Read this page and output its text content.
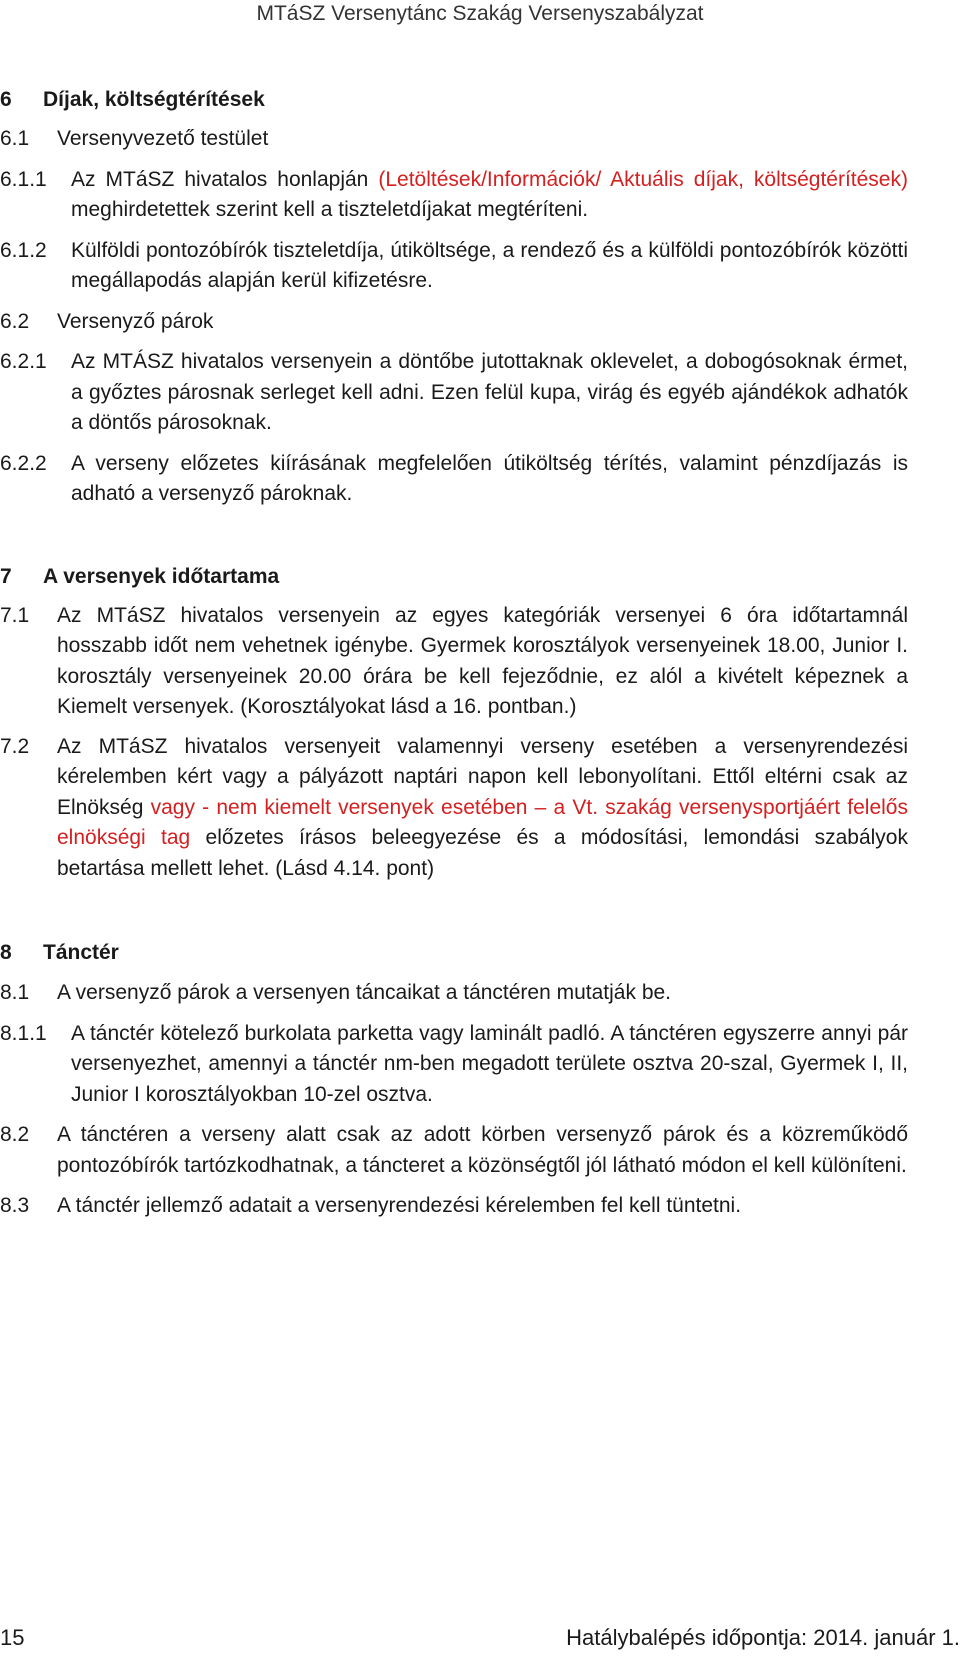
MTáSZ Versenytánc Szakág Versenyszabályzat
6 Díjak, költségtérítések
6.1	Versenyvezető testület
6.1.1	Az MTáSZ hivatalos honlapján (Letöltések/Információk/ Aktuális díjak, költségtérítések) meghirdetettek szerint kell a tiszteletdíjakat megtéríteni.
6.1.2	Külföldi pontozóbírók tiszteletdíja, útiköltsége, a rendező és a külföldi pontozóbírók közötti megállapodás alapján kerül kifizetésre.
6.2	Versenyző párok
6.2.1	Az MTÁSZ hivatalos versenyein a döntőbe jutottaknak oklevelet, a dobogósoknak érmet, a győztes párosnak serleget kell adni. Ezen felül kupa, virág és egyéb ajándékok adhatók a döntős párosoknak.
6.2.2	A verseny előzetes kiírásának megfelelően útiköltség térítés, valamint pénzdíjazás is adható a versenyző pároknak.
7 A versenyek időtartama
7.1	Az MTáSZ hivatalos versenyein az egyes kategóriák versenyei 6 óra időtartamnál hosszabb időt nem vehetnek igénybe. Gyermek korosztályok versenyeinek 18.00, Junior I. korosztály versenyeinek 20.00 órára be kell fejeződnie, ez alól a kivételt képeznek a Kiemelt versenyek. (Korosztályokat lásd a 16. pontban.)
7.2	Az MTáSZ hivatalos versenyeit valamennyi verseny esetében a versenyrendezési kérelemben kért vagy a pályázott naptári napon kell lebonyolítani. Ettől eltérni csak az Elnökség vagy - nem kiemelt versenyek esetében – a Vt. szakág versenysportjáért felelős elnökségi tag előzetes írásos beleegyezése és a módosítási, lemondási szabályok betartása mellett lehet. (Lásd 4.14. pont)
8 Tánctér
8.1	A versenyző párok a versenyen táncaikat a tánctéren mutatják be.
8.1.1	A tánctér kötelező burkolata parketta vagy laminált padló. A tánctéren egyszerre annyi pár versenyezhet, amennyi a tánctér nm-ben megadott területe osztva 20-szal, Gyermek I, II, Junior I korosztályokban 10-zel osztva.
8.2	A tánctéren a verseny alatt csak az adott körben versenyző párok és a közreműködő pontozóbírók tartózkodhatnak, a táncteret a közönségtől jól látható módon el kell különíteni.
8.3	A tánctér jellemző adatait a versenyrendezési kérelemben fel kell tüntetni.
15	Hatálybalépés időpontja: 2014. január 1.
